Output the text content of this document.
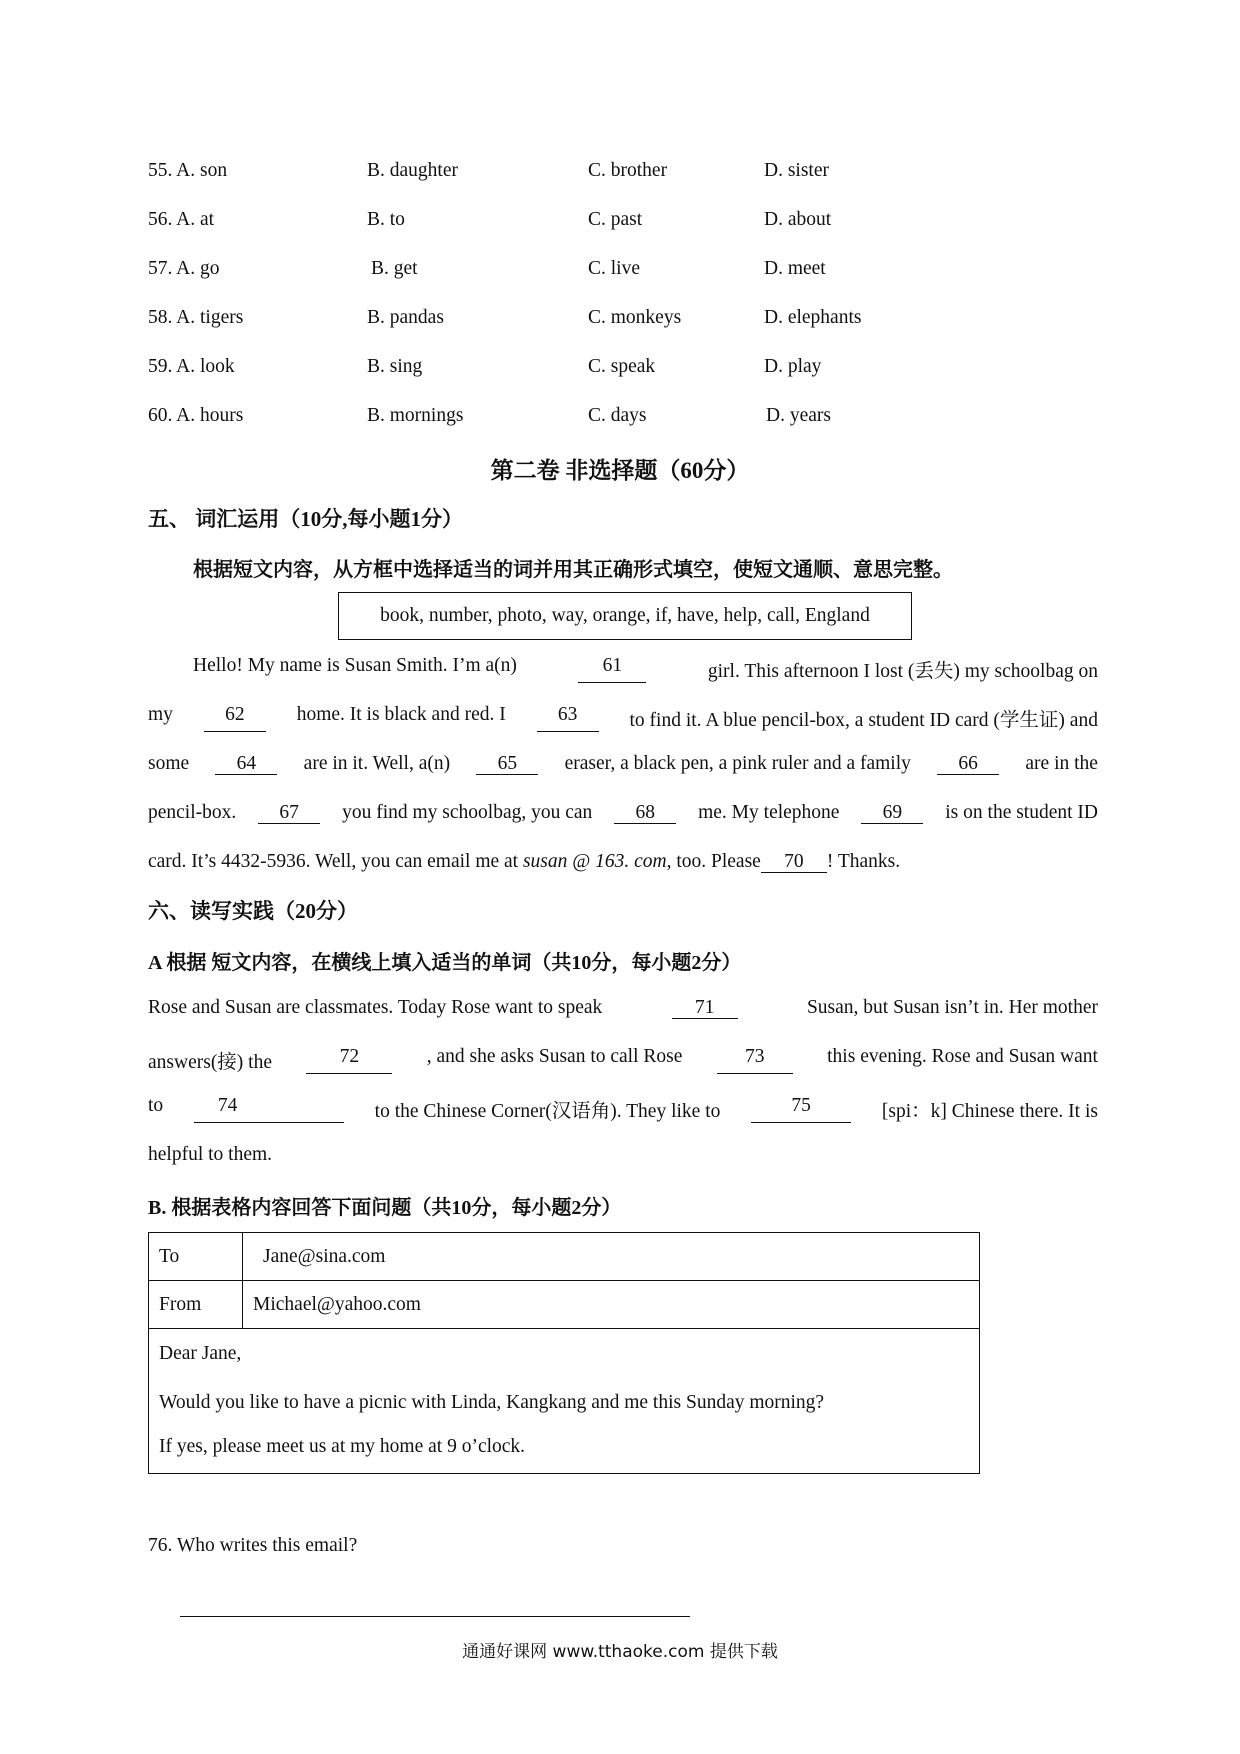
55. A. son	B. daughter	C. brother	D. sister
56. A. at	B. to	C. past	D. about
57. A. go	B. get	C. live	D. meet
58. A. tigers	B. pandas	C. monkeys	D. elephants
59. A. look	B. sing	C. speak	D. play
60. A. hours	B. mornings	C. days	D. years
第二卷 非选择题（60分）
五、 词汇运用（10分,每小题1分）
根据短文内容，从方框中选择适当的词并用其正确形式填空，使短文通顺、意思完整。
book, number, photo, way, orange, if, have, help, call, England
Hello! My name is Susan Smith. I’m a(n)	61	girl. This afternoon I lost (丢失) my schoolbag on
my	62	home. It is black and red. I	63	to find it. A blue pencil-box, a student ID card (学生证) and
some	64	are in it. Well, a(n)	65	eraser, a black pen, a pink ruler and a family	66	are in the
pencil-box.	67	you find my schoolbag, you can	68	me. My telephone	69	is on the student ID
card. It’s 4432-5936. Well, you can email me at
susan @ 163. com , too. Please	70	! Thanks.
六、读写实践（20分）
A 根据 短文内容，在横线上填入适当的单词（共10分，每小题2分）
Rose and Susan are classmates. Today Rose want to speak	71	Susan, but Susan isn’t in. Her mother
answers(接) the	72	, and she asks Susan to call Rose	73	this evening. Rose and Susan want
to	74	to the Chinese Corner(汉语角). They like to	75	[spi：k] Chinese there. It is
helpful to them.
B. 根据表格内容回答下面问题（共10分，每小题2分）
To	Jane@sina.com
From	Michael@yahoo.com

Dear Jane,
Would you like to have a picnic with Linda, Kangkang and me this Sunday morning?
If yes, please meet us at my home at 9 o’clock.	
76. Who writes this email?
通通好课网 www.tthaoke.com 提供下载
